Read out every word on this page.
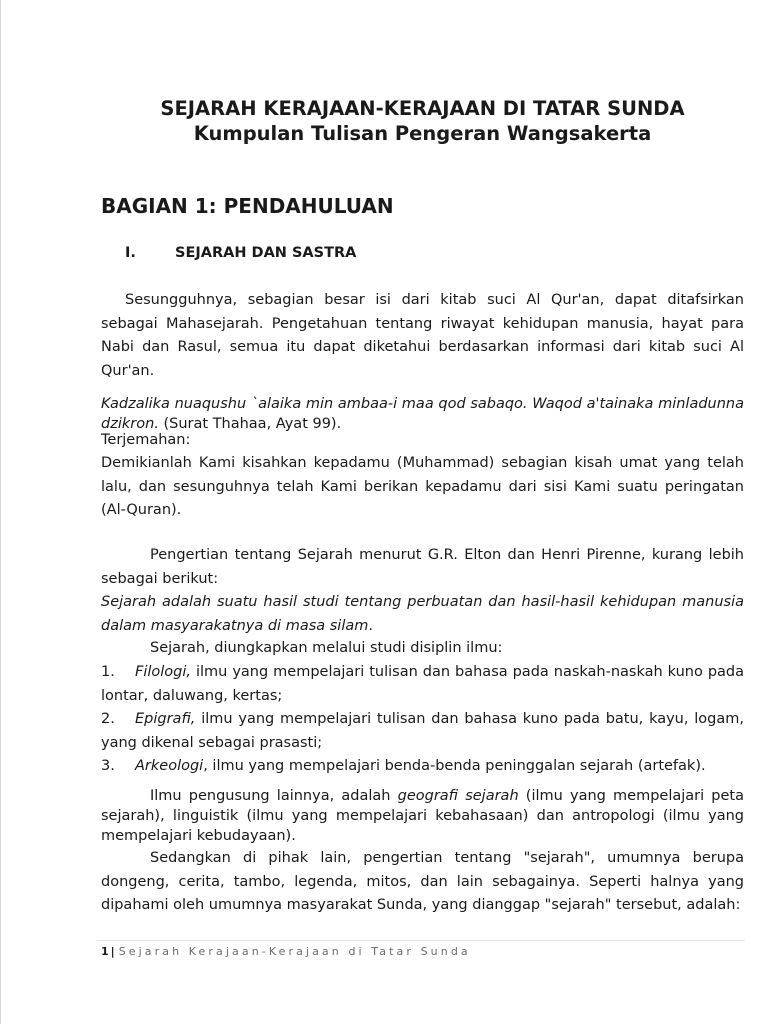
SEJARAH KERAJAAN-KERAJAAN DI TATAR SUNDA
Kumpulan Tulisan Pengeran Wangsakerta
BAGIAN 1: PENDAHULUAN
I.	SEJARAH DAN SASTRA
Sesungguhnya, sebagian besar isi dari kitab suci Al Qur'an, dapat ditafsirkan sebagai Mahasejarah. Pengetahuan tentang riwayat kehidupan manusia, hayat para Nabi dan Rasul, semua itu dapat diketahui berdasarkan informasi dari kitab suci Al Qur'an.
Kadzalika nuaqushu `alaika min ambaa-i maa qod sabaqo. Waqod a'tainaka minladunna dzikron. (Surat Thahaa, Ayat 99).
Terjemahan:
Demikianlah Kami kisahkan kepadamu (Muhammad) sebagian kisah umat yang telah lalu, dan sesunguhnya telah Kami berikan kepadamu dari sisi Kami suatu peringatan (Al-Quran).
Pengertian tentang Sejarah menurut G.R. Elton dan Henri Pirenne, kurang lebih sebagai berikut:
Sejarah adalah suatu hasil studi tentang perbuatan dan hasil-hasil kehidupan manusia dalam masyarakatnya di masa silam.
Sejarah, diungkapkan melalui studi disiplin ilmu:
1. Filologi, ilmu yang mempelajari tulisan dan bahasa pada naskah-naskah kuno pada lontar, daluwang, kertas;
2. Epigrafi, ilmu yang mempelajari tulisan dan bahasa kuno pada batu, kayu, logam, yang dikenal sebagai prasasti;
3. Arkeologi, ilmu yang mempelajari benda-benda peninggalan sejarah (artefak).
Ilmu pengusung lainnya, adalah geografi sejarah (ilmu yang mempelajari peta sejarah), linguistik (ilmu yang mempelajari kebahasaan) dan antropologi (ilmu yang mempelajari kebudayaan).
Sedangkan di pihak lain, pengertian tentang "sejarah", umumnya berupa dongeng, cerita, tambo, legenda, mitos, dan lain sebagainya. Seperti halnya yang dipahami oleh umumnya masyarakat Sunda, yang dianggap "sejarah" tersebut, adalah:
1 | Sejarah Kerajaan-Kerajaan di Tatar Sunda
